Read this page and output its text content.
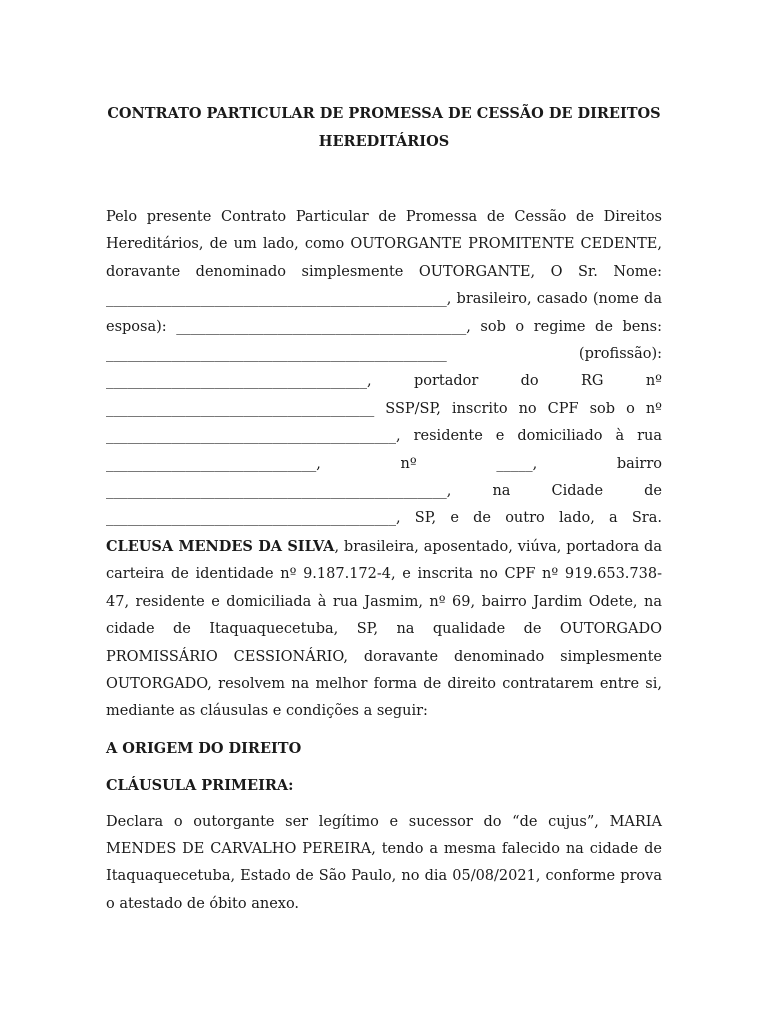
CONTRATO PARTICULAR DE PROMESSA DE CESSÃO DE DIREITOS
HEREDITÁRIOS

Pelo presente Contrato Particular de Promessa de Cessão de Direitos Hereditários, de um lado, como OUTORGANTE PROMITENTE CEDENTE, doravante denominado simplesmente OUTORGANTE, O Sr. Nome: _______________________________________________, brasileiro, casado (nome da esposa): ________________________________________, sob o regime de bens: _______________________________________________ (profissão): ____________________________________, portador do RG nº _____________________________________ SSP/SP, inscrito no CPF sob o nº ________________________________________, residente e domiciliado à rua _____________________________, nº _____, bairro _______________________________________________, na Cidade de ________________________________________, SP, e de outro lado, a Sra. CLEUSA MENDES DA SILVA, brasileira, aposentado, viúva, portadora da carteira de identidade nº 9.187.172-4, e inscrita no CPF nº 919.653.738-47, residente e domiciliada à rua Jasmim, nº 69, bairro Jardim Odete, na cidade de Itaquaquecetuba, SP, na qualidade de OUTORGADO PROMISSÁRIO CESSIONÁRIO, doravante denominado simplesmente OUTORGADO, resolvem na melhor forma de direito contratarem entre si, mediante as cláusulas e condições a seguir:

A ORIGEM DO DIREITO

CLÁUSULA PRIMEIRA:

Declara o outorgante ser legítimo e sucessor do “de cujus”, MARIA MENDES DE CARVALHO PEREIRA, tendo a mesma falecido na cidade de Itaquaquecetuba, Estado de São Paulo, no dia 05/08/2021, conforme prova o atestado de óbito anexo.
